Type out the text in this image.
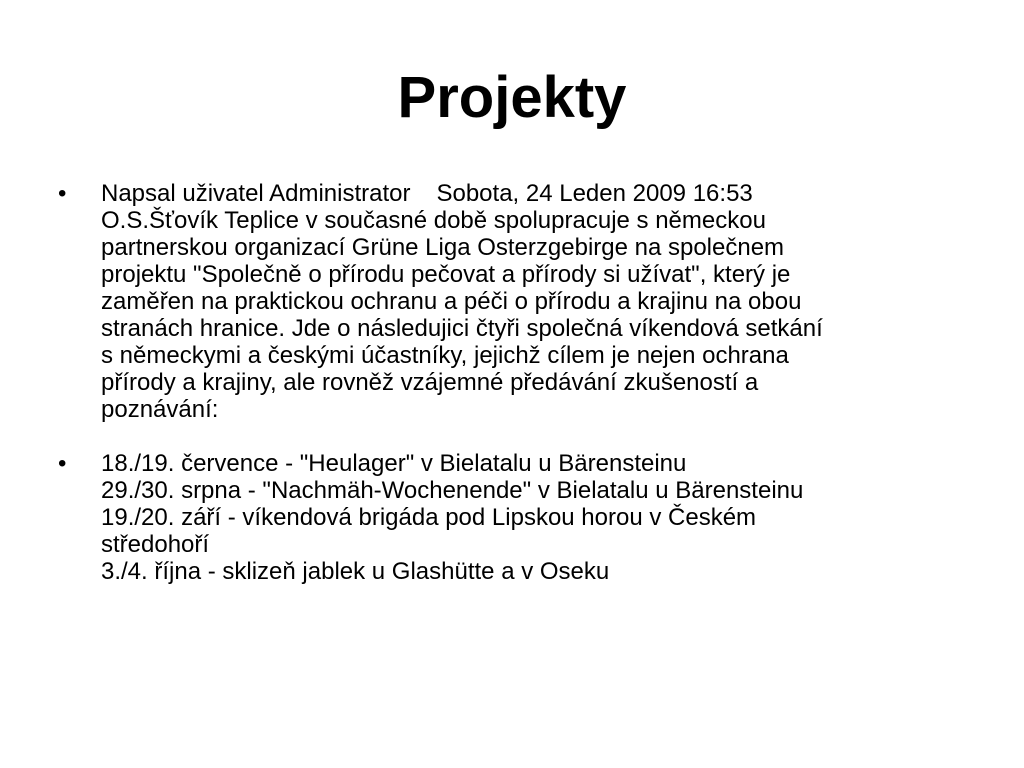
Projekty
•	Napsal uživatel Administrator Sobota, 24 Leden 2009 16:53
O.S.Šťovík Teplice v současné době spolupracuje s německou
partnerskou organizací Grüne Liga Osterzgebirge na společnem
projektu "Společně o přírodu pečovat a přírody si užívat", který je
zaměřen na praktickou ochranu a péči o přírodu a krajinu na obou
stranách hranice. Jde o následujici čtyři společná víkendová setkání
s německymi a českými účastníky, jejichž cílem je nejen ochrana
přírody a krajiny, ale rovněž vzájemné předávání zkušeností a
poznávání:
•	18./19. července - "Heulager" v Bielatalu u Bärensteinu
29./30. srpna - "Nachmäh-Wochenende" v Bielatalu u Bärensteinu
19./20. září - víkendová brigáda pod Lipskou horou v Českém
středohoří
3./4. října - sklizeň jablek u Glashütte a v Oseku
